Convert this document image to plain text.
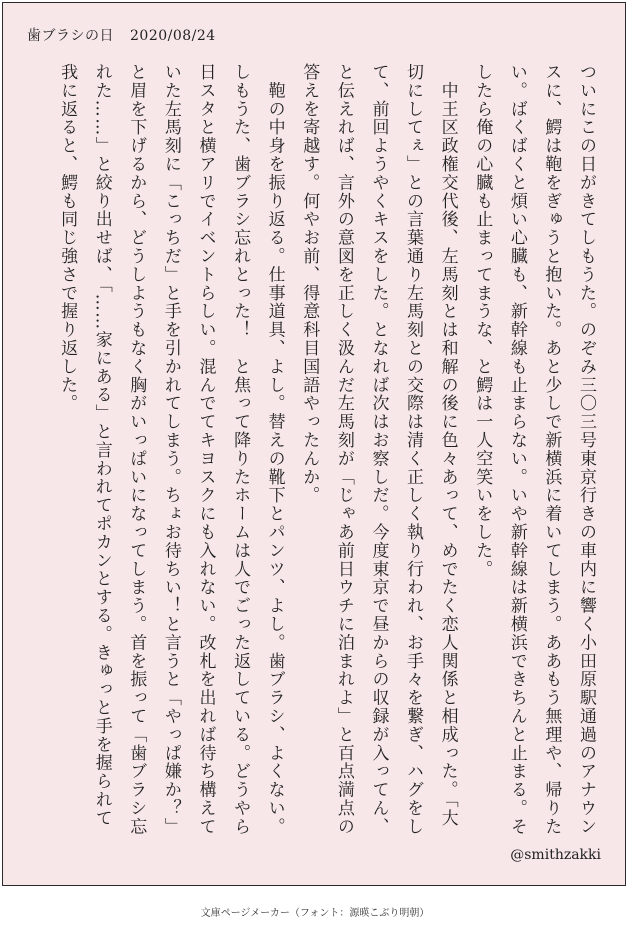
歯ブラシの日 2020/08/24
ついにこの日がきてしもうた。のぞみ三〇三号東京行きの車内に響く小田原駅通過のアナウンスに、鰐は鞄をぎゅうと抱いた。あと少しで新横浜に着いてしまう。ああもう無理や、帰りたい。ばくばくと煩い心臓も、新幹線も止まらない。いや新幹線は新横浜できちんと止まる。そしたら俺の心臓も止まってまうな、と鰐は一人空笑いをした。
　中王区政権交代後、左馬刻とは和解の後に色々あって、めでたく恋人関係と相成った。「大切にしてぇ」との言葉通り左馬刻との交際は清く正しく執り行われ、お手々を繋ぎ、ハグをして、前回ようやくキスをした。となれば次はお察しだ。今度東京で昼からの収録が入ってん、と伝えれば、言外の意図を正しく汲んだ左馬刻が「じゃあ前日ウチに泊まれよ」と百点満点の答えを寄越す。何やお前、得意科目国語やったんか。
　鞄の中身を振り返る。仕事道具、よし。替えの靴下とパンツ、よし。歯ブラシ、よくない。しもうた、歯ブラシ忘れとった！　と焦って降りたホームは人でごった返している。どうやら日スタと横アリでイベントらしい。混んでてキヨスクにも入れない。改札を出れば待ち構えていた左馬刻に「こっちだ」と手を引かれてしまう。ちょお待ちい！と言うと「やっぱ嫌か？」と眉を下げるから、どうしようもなく胸がいっぱいになってしまう。首を振って「歯ブラシ忘れた……」と絞り出せば、「……家にある」と言われてポカンとする。きゅっと手を握られて我に返ると、鰐も同じ強さで握り返した。
@smithzakki
文庫ページメーカー（フォント：源暎こぶり明朝）
